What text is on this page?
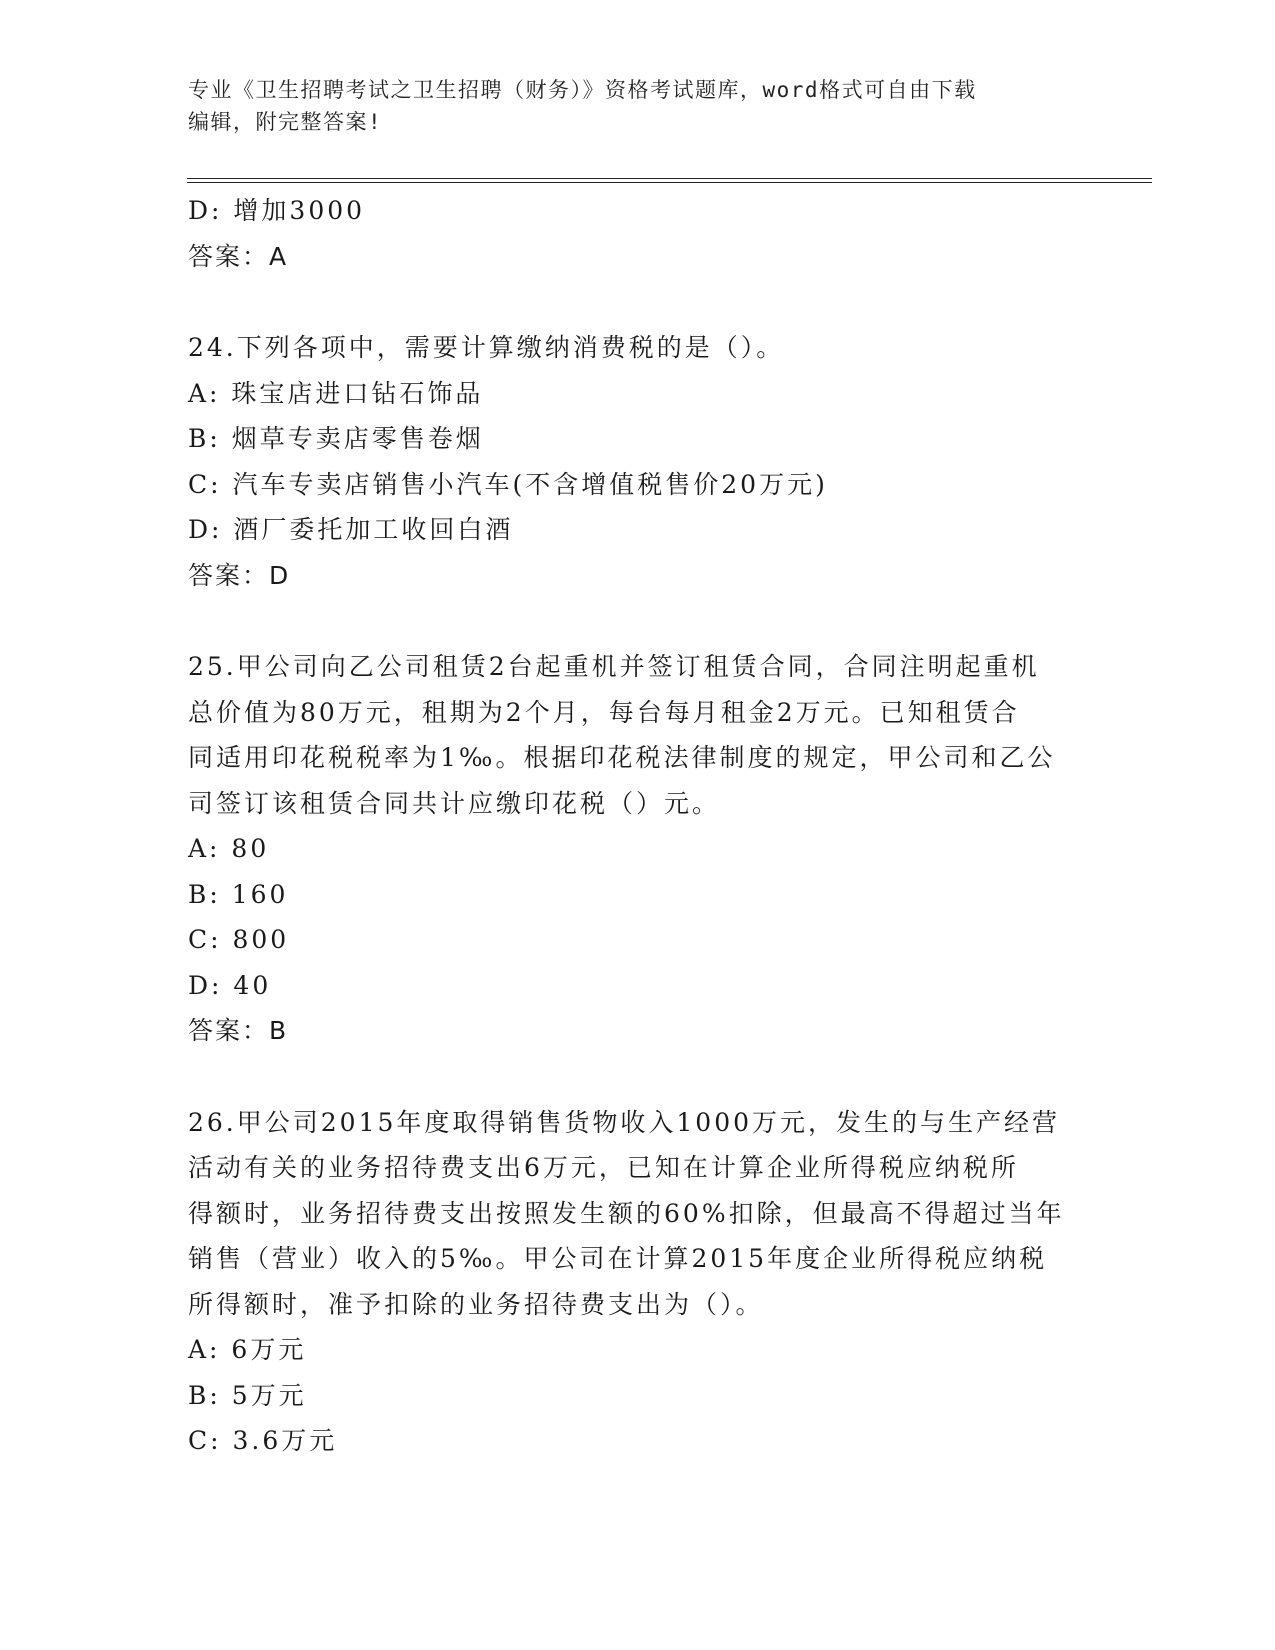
专业《卫生招聘考试之卫生招聘（财务）》资格考试题库，word格式可自由下载
编辑，附完整答案!
D: 增加3000
答案：A
24.下列各项中，需要计算缴纳消费税的是（）。
A: 珠宝店进口钻石饰品
B: 烟草专卖店零售卷烟
C: 汽车专卖店销售小汽车(不含增值税售价20万元)
D: 酒厂委托加工收回白酒
答案：D
25.甲公司向乙公司租赁2台起重机并签订租赁合同，合同注明起重机
总价值为80万元，租期为2个月，每台每月租金2万元。已知租赁合
同适用印花税税率为1‰。根据印花税法律制度的规定，甲公司和乙公
司签订该租赁合同共计应缴印花税（）元。
A: 80
B: 160
C: 800
D: 40
答案：B
26.甲公司2015年度取得销售货物收入1000万元，发生的与生产经营
活动有关的业务招待费支出6万元，已知在计算企业所得税应纳税所
得额时，业务招待费支出按照发生额的60%扣除，但最高不得超过当年
销售（营业）收入的5‰。甲公司在计算2015年度企业所得税应纳税
所得额时，准予扣除的业务招待费支出为（）。
A: 6万元
B: 5万元
C: 3.6万元
